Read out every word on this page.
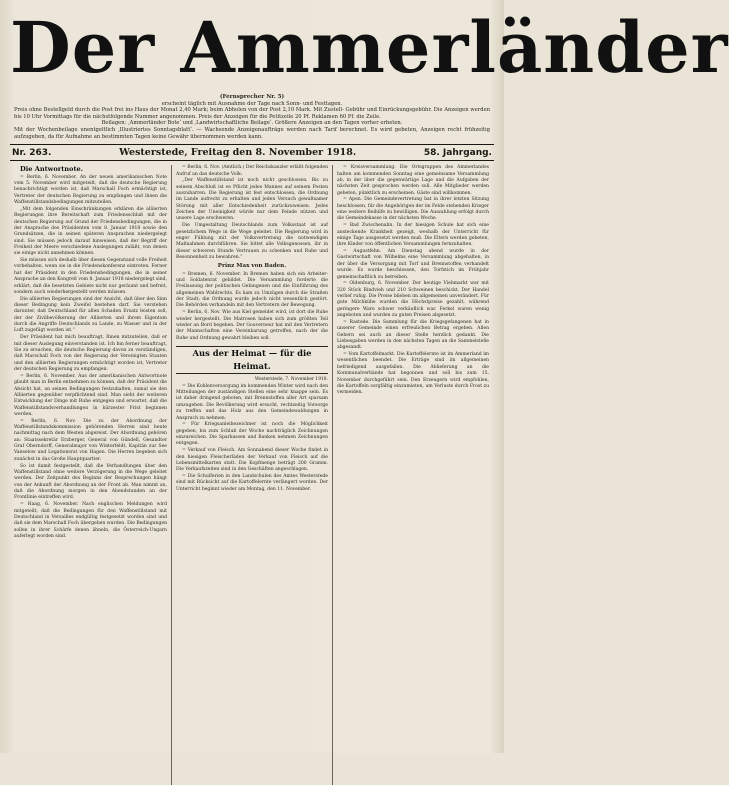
Der Ammerländer
(Fernsprecher Nr. 5)

erscheint täglich mit Ausnahme der Tage nach Sonn- und Festtagen.

Preis ohne Bestellgeld durch die Post frei ins Haus der Monat 2,40 Mark; beim Abholen von der Post 2,10 Mark. Mit Zustell- Gebühr und Einrückungsgebühr. Die Anzeigen werden bis 10 Uhr Vormittags für die nächstfolgende Nummer angenommen. Preis der Anzeigen für die Petitzeile 20 Pf. Reklamen 60 Pf. die Zeile.

Beilagen: ‚Ammerländer Bote‘ und ‚Landwirtschaftliche Beilage‘. Größere Anzeigen an den Tagen vorher erbeten.

Mit der Wochenbeilage unentgeltlich ‚Illustriertes Sonntagsblatt‘. — Wachsende Anzeigenaufträge werden nach Tarif berechnet. Es wird gebeten, Anzeigen recht frühzeitig aufzugeben, da für Aufnahme an bestimmten Tagen keine Gewähr übernommen werden kann.

Nr. 263.	Westerstede, Freitag den 8. November 1918.	58. Jahrgang.

Die Antwortnote.

= Berlin, 6. November. An der neuen amerikanischen Note vom 5. November wird mitgeteilt, daß die deutsche Regierung benachrichtigt worden ist, daß Marschall Foch ermächtigt ist, Vertreter der deutschen Regierung zu empfangen und ihnen die Waffenstillstandsbedingungen mitzuteilen.

„Mit dem folgenden Einschränkungen erklären die alliierten Regierungen ihre Bereitschaft zum Friedensschluß mit der deutschen Regierung auf Grund der Friedensbedingungen, die in der Ansprache des Präsidenten vom 8. Januar 1918 sowie den Grundsätzen, die in seinen späteren Ansprachen niedergelegt sind. Sie müssen jedoch darauf hinweisen, daß der Begriff der Freiheit der Meere verschiedene Auslegungen zuläßt, von denen sie einige nicht annehmen können.

Sie müssen sich deshalb über diesen Gegenstand volle Freiheit vorbehalten, wenn sie in die Friedenskonferenz eintreten. Ferner hat der Präsident in den Friedensbedingungen, die in seiner Ansprache an den Kongreß vom 8. Januar 1918 niedergelegt sind, erklärt, daß die besetzten Gebiete nicht nur geräumt und befreit, sondern auch wiederhergestellt werden müssen.

Die alliierten Regierungen sind der Ansicht, daß über den Sinn dieser Bedingung kein Zweifel bestehen darf. Sie verstehen darunter, daß Deutschland für allen Schaden Ersatz leisten soll, der der Zivilbevölkerung der Alliierten und ihrem Eigentum durch die Angriffe Deutschlands zu Lande, zu Wasser und in der Luft zugefügt worden ist.“

Der Präsident hat mich beauftragt, Ihnen mitzuteilen, daß er mit dieser Auslegung einverstanden ist. Ich bin ferner beauftragt, Sie zu ersuchen, die deutsche Regierung davon zu verständigen, daß Marschall Foch von der Regierung der Vereinigten Staaten und den alliierten Regierungen ermächtigt worden ist, Vertreter der deutschen Regierung zu empfangen.

= Berlin, 6. November. Aus der amerikanischen Antwortnote glaubt man in Berlin entnehmen zu können, daß der Präsident die Absicht hat, an seinen Bedingungen festzuhalten, zumal sie den Alliierten gegenüber verpflichtend sind. Man sieht der weiteren Entwicklung der Dinge mit Ruhe entgegen und erwartet, daß die Waffenstillstandsverhandlungen in kürzester Frist beginnen werden.

= Berlin, 6. Nov. Die zu der Abordnung der Waffenstillstandskommission gehörenden Herren sind heute nachmittag nach dem Westen abgereist. Der Abordnung gehören an: Staatssekretär Erzberger, General von Gündell, Gesandter Graf Oberndorff, Generalmajor von Winterfeldt, Kapitän zur See Vanselow und Legationsrat von Hagen. Die Herren begeben sich zunächst in das Große Hauptquartier.

So ist damit festgestellt, daß die Verhandlungen über den Waffenstillstand ohne weitere Verzögerung in die Wege geleitet werden. Der Zeitpunkt des Beginns der Besprechungen hängt von der Ankunft der Abordnung an der Front ab. Man nimmt an, daß die Abordnung morgen in den Abendstunden an der Frontlinie eintreffen wird.

= Haag, 6. November. Nach englischen Meldungen wird mitgeteilt, daß die Bedingungen für den Waffenstillstand mit Deutschland in Versailles endgültig festgesetzt worden sind und daß sie dem Marschall Foch übergeben wurden. Die Bedingungen sollen in ihrer Schärfe denen ähneln, die Österreich-Ungarn auferlegt worden sind.

= Berlin, 6. Nov. (Amtlich.) Der Reichskanzler erläßt folgenden Aufruf an das deutsche Volk:

„Der Waffenstillstand ist noch nicht geschlossen. Bis zu seinem Abschluß ist es Pflicht jedes Mannes auf seinem Posten auszuharren. Die Regierung ist fest entschlossen, die Ordnung im Lande aufrecht zu erhalten und jeden Versuch gewaltsamer Störung mit aller Entschiedenheit zurückzuweisen. Jedes Zeichen der Uneinigkeit würde nur dem Feinde nützen und unsere Lage erschweren.

Die Umgestaltung Deutschlands zum Volksstaat ist auf gesetzlichem Wege in die Wege geleitet. Die Regierung wird in enger Fühlung mit der Volksvertretung die notwendigen Maßnahmen durchführen. Sie bittet alle Volksgenossen, ihr in dieser schweren Stunde Vertrauen zu schenken und Ruhe und Besonnenheit zu bewahren.“

Prinz Max von Baden.

= Bremen, 6. November. In Bremen haben sich ein Arbeiter- und Soldatenrat gebildet. Die Versammlung forderte die Freilassung der politischen Gefangenen und die Einführung des allgemeinen Wahlrechts. Es kam zu Umzügen durch die Straßen der Stadt; die Ordnung wurde jedoch nicht wesentlich gestört. Die Behörden verhandeln mit den Vertretern der Bewegung.

= Berlin, 6. Nov. Wie aus Kiel gemeldet wird, ist dort die Ruhe wieder hergestellt. Die Matrosen haben sich zum größten Teil wieder an Bord begeben. Der Gouverneur hat mit den Vertretern der Mannschaften eine Vereinbarung getroffen, nach der die Ruhe und Ordnung gewahrt bleiben soll.

Aus der Heimat — für die Heimat.

Westerstede, 7. November 1918.

= Die Kohlenversorgung im kommenden Winter wird nach den Mitteilungen der zuständigen Stellen eine sehr knappe sein. Es ist daher dringend geboten, mit Brennstoffen aller Art sparsam umzugehen. Die Bevölkerung wird ersucht, rechtzeitig Vorsorge zu treffen und das Holz aus den Gemeindewaldungen in Anspruch zu nehmen.

= Für Kriegsanleihezeichner ist noch die Möglichkeit gegeben, bis zum Schluß der Woche nachträglich Zeichnungen einzureichen. Die Sparkassen und Banken nehmen Zeichnungen entgegen.

= Verkauf von Fleisch. Am Sonnabend dieser Woche findet in den hiesigen Fleischerläden der Verkauf von Fleisch auf die Lebensmittelkarten statt. Die Kopfmenge beträgt 200 Gramm. Die Verkaufszeiten sind in den Geschäften angeschlagen.

= Die Schulferien in den Landschulen des Amtes Westerstede sind mit Rücksicht auf die Kartoffelernte verlängert worden. Der Unterricht beginnt wieder am Montag, den 11. November.

= Kreisversammlung. Die Ortsgruppen des Ammerlandes halten am kommenden Sonntag eine gemeinsame Versammlung ab, in der über die gegenwärtige Lage und die Aufgaben der nächsten Zeit gesprochen werden soll. Alle Mitglieder werden gebeten, pünktlich zu erscheinen. Gäste sind willkommen.

= Apen. Die Gemeindevertretung hat in ihrer letzten Sitzung beschlossen, für die Angehörigen der im Felde stehenden Krieger eine weitere Beihilfe zu bewilligen. Die Auszahlung erfolgt durch die Gemeindekasse in der nächsten Woche.

= Bad Zwischenahn. In der hiesigen Schule hat sich eine ansteckende Krankheit gezeigt, weshalb der Unterricht für einige Tage ausgesetzt werden muß. Die Eltern werden gebeten, ihre Kinder von öffentlichen Versammlungen fernzuhalten.

= Augustfehn. Am Dienstag abend wurde in der Gastwirtschaft von Wilhelms eine Versammlung abgehalten, in der über die Versorgung mit Torf und Brennstoffen verhandelt wurde. Es wurde beschlossen, den Torfstich im Frühjahr gemeinschaftlich zu betreiben.

= Oldenburg, 6. November. Der heutige Viehmarkt war mit 320 Stück Rindvieh und 210 Schweinen beschickt. Der Handel verlief ruhig. Die Preise blieben im allgemeinen unverändert. Für gute Milchkühe wurden die Höchstpreise gezahlt, während geringere Ware schwer verkäuflich war. Ferkel waren wenig angeboten und wurden zu guten Preisen abgesetzt.

= Rastede. Die Sammlung für die Kriegsgefangenen hat in unserer Gemeinde einen erfreulichen Betrag ergeben. Allen Gebern sei auch an dieser Stelle herzlich gedankt. Die Liebesgaben werden in den nächsten Tagen an die Sammelstelle abgesandt.

= Vom Kartoffelmarkt. Die Kartoffelernte ist im Ammerland im wesentlichen beendet. Die Erträge sind im allgemeinen befriedigend ausgefallen. Die Ablieferung an die Kommunalverbände hat begonnen und soll bis zum 15. November durchgeführt sein. Den Erzeugern wird empfohlen, die Kartoffeln sorgfältig einzumieten, um Verluste durch Frost zu vermeiden.
